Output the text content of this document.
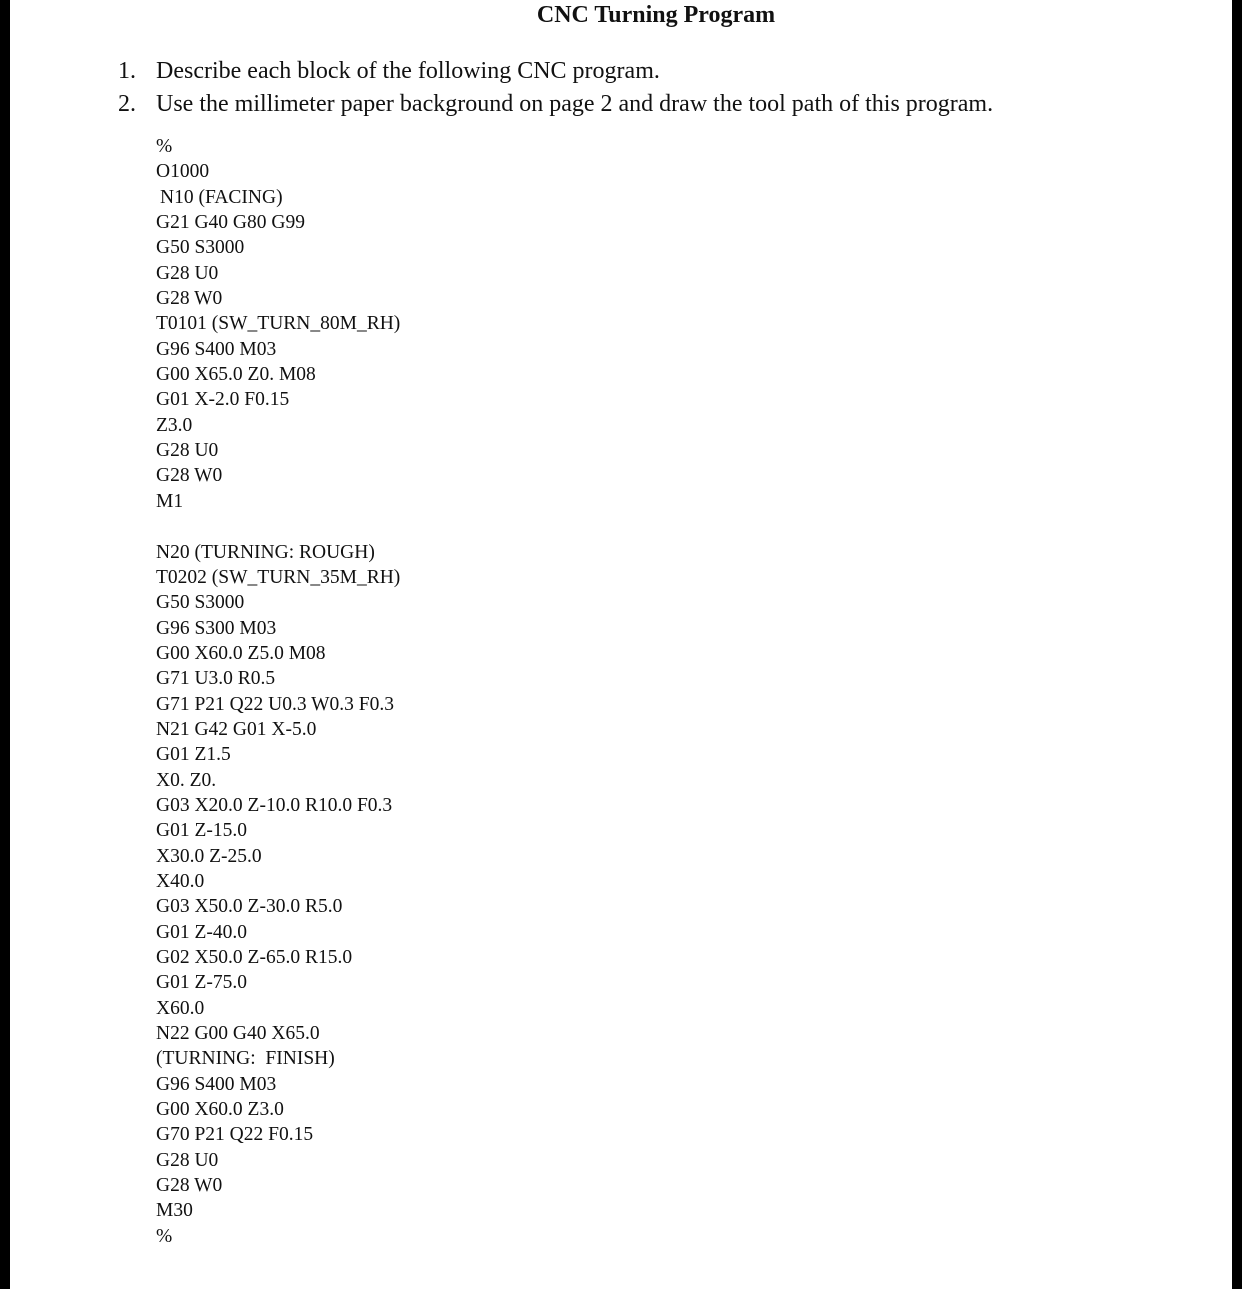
CNC Turning Program
1. Describe each block of the following CNC program.
2. Use the millimeter paper background on page 2 and draw the tool path of this program.
%
O1000
N10 (FACING)
G21 G40 G80 G99
G50 S3000
G28 U0
G28 W0
T0101 (SW_TURN_80M_RH)
G96 S400 M03
G00 X65.0 Z0. M08
G01 X-2.0 F0.15
Z3.0
G28 U0
G28 W0
M1
N20 (TURNING: ROUGH)
T0202 (SW_TURN_35M_RH)
G50 S3000
G96 S300 M03
G00 X60.0 Z5.0 M08
G71 U3.0 R0.5
G71 P21 Q22 U0.3 W0.3 F0.3
N21 G42 G01 X-5.0
G01 Z1.5
X0. Z0.
G03 X20.0 Z-10.0 R10.0 F0.3
G01 Z-15.0
X30.0 Z-25.0
X40.0
G03 X50.0 Z-30.0 R5.0
G01 Z-40.0
G02 X50.0 Z-65.0 R15.0
G01 Z-75.0
X60.0
N22 G00 G40 X65.0
(TURNING:  FINISH)
G96 S400 M03
G00 X60.0 Z3.0
G70 P21 Q22 F0.15
G28 U0
G28 W0
M30
%
